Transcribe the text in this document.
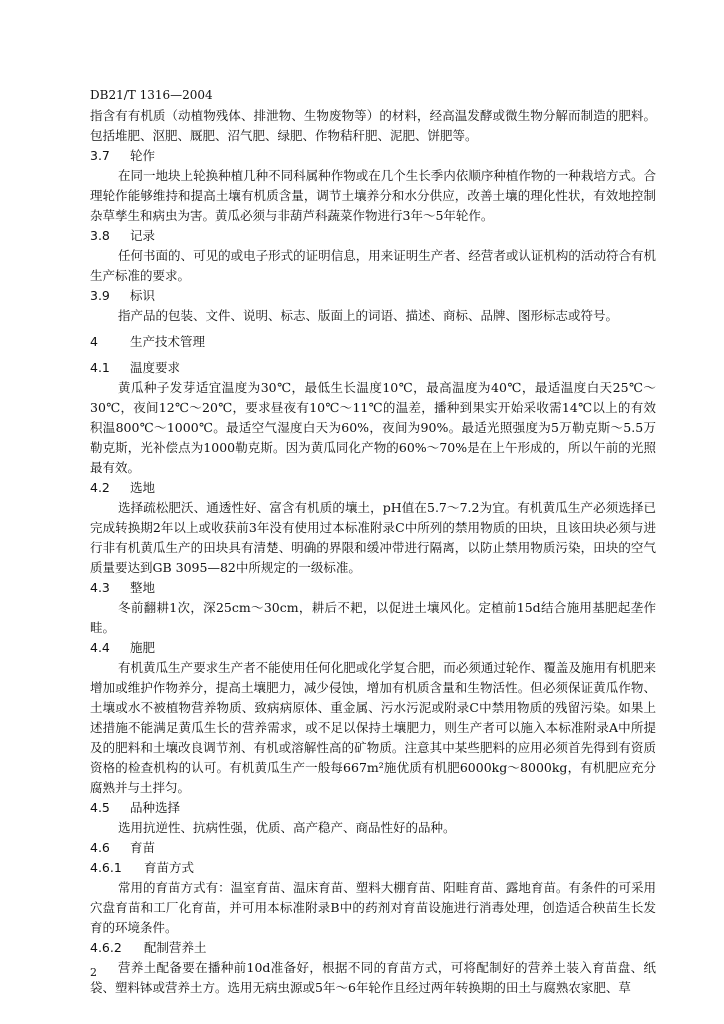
DB21/T 1316—2004

指含有有机质（动植物残体、排泄物、生物废物等）的材料，经高温发酵或微生物分解而制造的肥料。包括堆肥、沤肥、厩肥、沼气肥、绿肥、作物秸秆肥、泥肥、饼肥等。

3.7 轮作

在同一地块上轮换种植几种不同科属种作物或在几个生长季内依顺序种植作物的一种栽培方式。合理轮作能够维持和提高土壤有机质含量，调节土壤养分和水分供应，改善土壤的理化性状，有效地控制杂草孳生和病虫为害。黄瓜必须与非葫芦科蔬菜作物进行3年～5年轮作。

3.8 记录

任何书面的、可见的或电子形式的证明信息，用来证明生产者、经营者或认证机构的活动符合有机生产标准的要求。

3.9 标识

指产品的包装、文件、说明、标志、版面上的词语、描述、商标、品牌、图形标志或符号。

4	生产技术管理
4.1 温度要求

黄瓜种子发芽适宜温度为30℃，最低生长温度10℃，最高温度为40℃，最适温度白天25℃～30℃，夜间12℃～20℃，要求昼夜有10℃～11℃的温差，播种到果实开始采收需14℃以上的有效积温800℃～1000℃。最适空气湿度白天为60%，夜间为90%。最适光照强度为5万勒克斯～5.5万勒克斯，光补偿点为1000勒克斯。因为黄瓜同化产物的60%～70%是在上午形成的，所以午前的光照最有效。

4.2 选地

选择疏松肥沃、通透性好、富含有机质的壤土，pH值在5.7～7.2为宜。有机黄瓜生产必须选择已完成转换期2年以上或收获前3年没有使用过本标准附录C中所列的禁用物质的田块，且该田块必须与进行非有机黄瓜生产的田块具有清楚、明确的界限和缓冲带进行隔离，以防止禁用物质污染，田块的空气质量要达到GB 3095—82中所规定的一级标准。

4.3 整地

冬前翻耕1次，深25cm～30cm，耕后不耙，以促进土壤风化。定植前15d结合施用基肥起垄作畦。

4.4 施肥

有机黄瓜生产要求生产者不能使用任何化肥或化学复合肥，而必须通过轮作、覆盖及施用有机肥来增加或维护作物养分，提高土壤肥力，减少侵蚀，增加有机质含量和生物活性。但必须保证黄瓜作物、土壤或水不被植物营养物质、致病病原体、重金属、污水污泥或附录C中禁用物质的残留污染。如果上述措施不能满足黄瓜生长的营养需求，或不足以保持土壤肥力，则生产者可以施入本标准附录A中所提及的肥料和土壤改良调节剂、有机或溶解性高的矿物质。注意其中某些肥料的应用必须首先得到有资质资格的检查机构的认可。有机黄瓜生产一般每667m²施优质有机肥6000kg～8000kg，有机肥应充分腐熟并与土拌匀。

4.5 品种选择

选用抗逆性、抗病性强，优质、高产稳产、商品性好的品种。

4.6 育苗
4.6.1 育苗方式

常用的育苗方式有：温室育苗、温床育苗、塑料大棚育苗、阳畦育苗、露地育苗。有条件的可采用穴盘育苗和工厂化育苗，并可用本标准附录B中的药剂对育苗设施进行消毒处理，创造适合秧苗生长发育的环境条件。

4.6.2 配制营养土

营养土配备要在播种前10d准备好，根据不同的育苗方式，可将配制好的营养土装入育苗盘、纸袋、塑料钵或营养土方。选用无病虫源或5年～6年轮作且经过两年转换期的田土与腐熟农家肥、草

2
